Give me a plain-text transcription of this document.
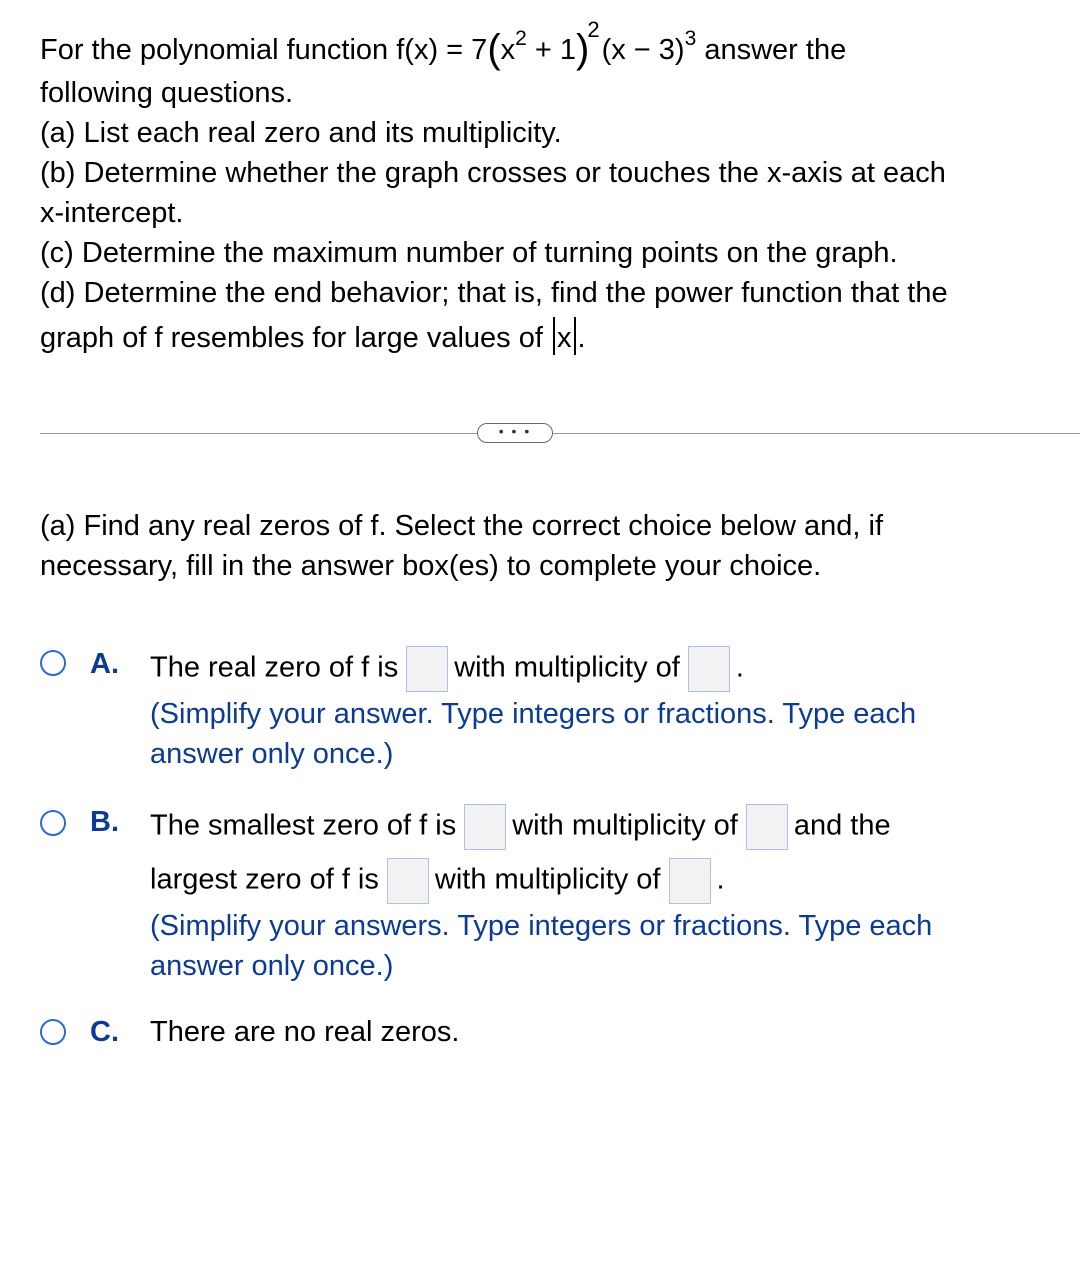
For the polynomial function $f(x) = 7(x^2 + 1)^2(x - 3)^3$ answer the
following questions.
(a) List each real zero and its multiplicity.
(b) Determine whether the graph crosses or touches the x-axis at each
x-intercept.
(c) Determine the maximum number of turning points on the graph.
(d) Determine the end behavior; that is, find the power function that the
graph of f resembles for large values of x .
• • •
(a) Find any real zeros of f. Select the correct choice below and, if
necessary, fill in the answer box(es) to complete your choice.
A. The real zero of f is with multiplicity of .
(Simplify your answer. Type integers or fractions. Type each
answer only once.)
B. The smallest zero of f is with multiplicity of and the
largest zero of f is with multiplicity of .
(Simplify your answers. Type integers or fractions. Type each
answer only once.)
C. There are no real zeros.
